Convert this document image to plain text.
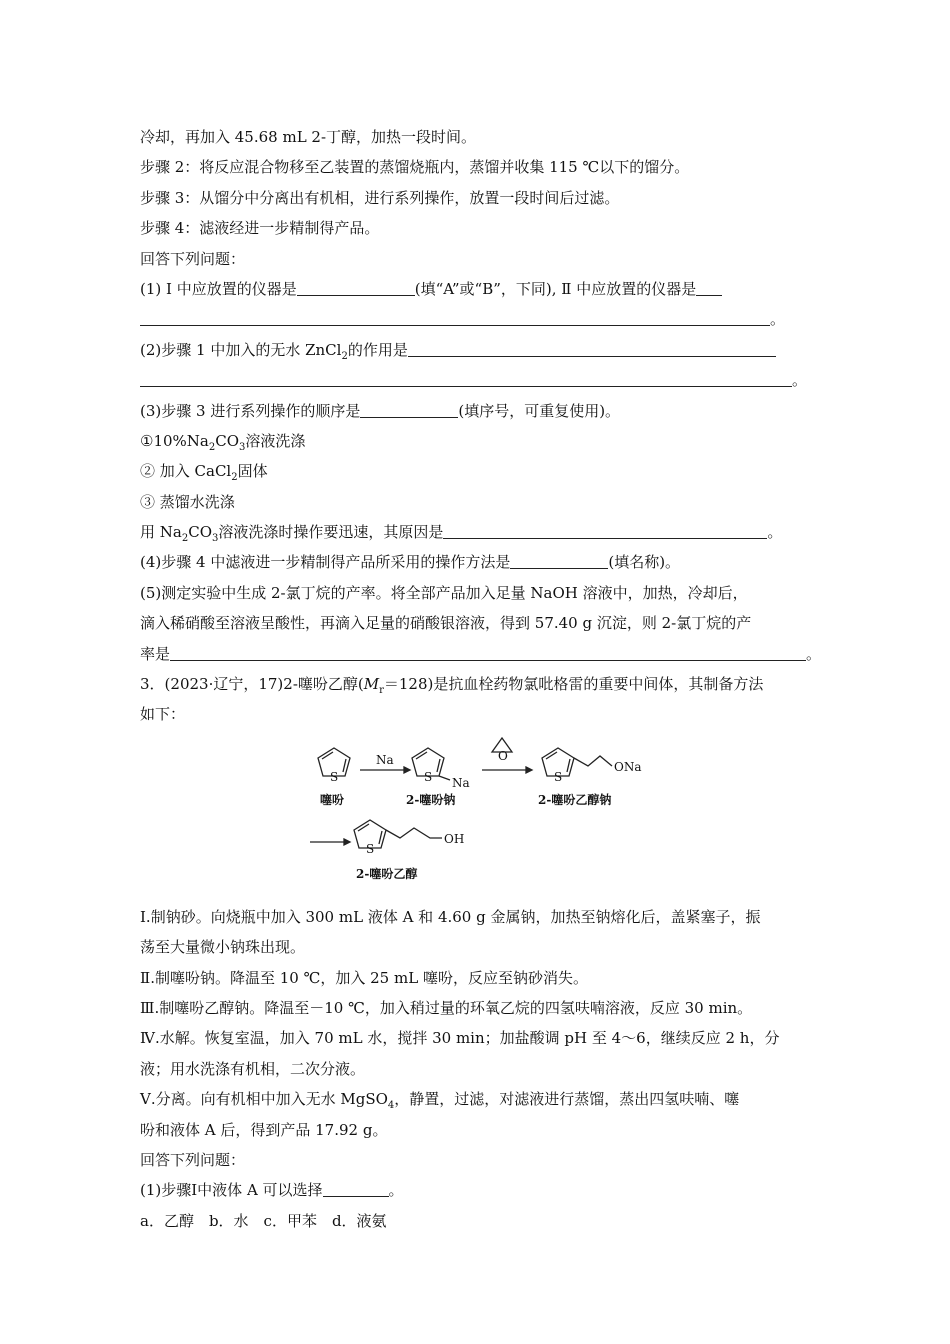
冷却，再加入 45.68 mL 2-丁醇，加热一段时间。
步骤 2：将反应混合物移至乙装置的蒸馏烧瓶内，蒸馏并收集 115 ℃以下的馏分。
步骤 3：从馏分中分离出有机相，进行系列操作，放置一段时间后过滤。
步骤 4：滤液经进一步精制得产品。
回答下列问题：
(1) Ⅰ 中应放置的仪器是	(填“A”或“B”，下同), Ⅱ 中应放置的仪器是
。
(2)步骤 1 中加入的无水 ZnCl$_2$的作用是
。
(3)步骤 3 进行系列操作的顺序是	(填序号，可重复使用)。
$①10\%Na_2CO_3$溶液洗涤
② 加入 CaCl$_2$固体
③ 蒸馏水洗涤
用 $Na_2CO_3$溶液洗涤时操作要迅速，其原因是	。
(4)步骤 4 中滤液进一步精制得产品所采用的操作方法是	(填名称)。
(5)测定实验中生成 2-氯丁烷的产率。将全部产品加入足量 NaOH 溶液中，加热，冷却后，
滴入稀硝酸至溶液呈酸性，再滴入足量的硝酸银溶液，得到 57.40 g 沉淀，则 2-氯丁烷的产
率是	。
3．(2023·辽宁，17)2-噻吩乙醇$(M_r=128)$是抗血栓药物氯吡格雷的重要中间体，其制备方法
如下：
Ⅰ.制钠砂。向烧瓶中加入 300 mL 液体 A 和 4.60 g 金属钠，加热至钠熔化后，盖紧塞子，振
荡至大量微小钠珠出现。
Ⅱ.制噻吩钠。降温至 10 ℃，加入 25 mL 噻吩，反应至钠砂消失。
Ⅲ.制噻吩乙醇钠。降温至－10 ℃，加入稍过量的环氧乙烷的四氢呋喃溶液，反应 30 min。
Ⅳ.水解。恢复室温，加入 70 mL 水，搅拌 30 min；加盐酸调 pH 至 4～6，继续反应 2 h，分
液；用水洗涤有机相，二次分液。
Ⅴ.分离。向有机相中加入无水 MgSO$_4$，静置，过滤，对滤液进行蒸馏，蒸出四氢呋喃、噻
吩和液体 A 后，得到产品 17.92 g。
回答下列问题：
(1)步骤Ⅰ中液体 A 可以选择	。
a．乙醇　b．水　c．甲苯　d．液氨
Na	O
S	S Na	S
ONa
S
OH
噻吩	2-噻吩钠	2-噻吩乙醇钠
2-噻吩乙醇
